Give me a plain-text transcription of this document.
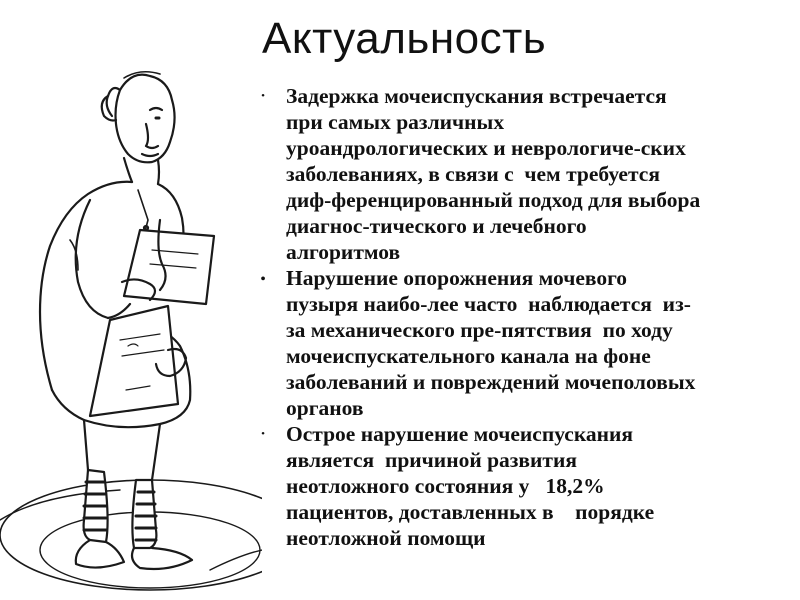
Актуальность
• Задержка мочеиспускания встречается
при самых различных
уроандрологических и неврологиче-ских
заболеваниях, в связи с  чем требуется
диф-ференцированный подход для выбора
диагнос-тического и лечебного
алгоритмов
• Нарушение опорожнения мочевого
пузыря наибо-лее часто  наблюдается  из-
за механического пре-пятствия  по ходу
мочеиспускательного канала на фоне
заболеваний и повреждений мочеполовых
органов
• Острое нарушение мочеиспускания
является  причиной развития
неотложного состояния у   18,2%
пациентов, доставленных в    порядке
неотложной помощи
